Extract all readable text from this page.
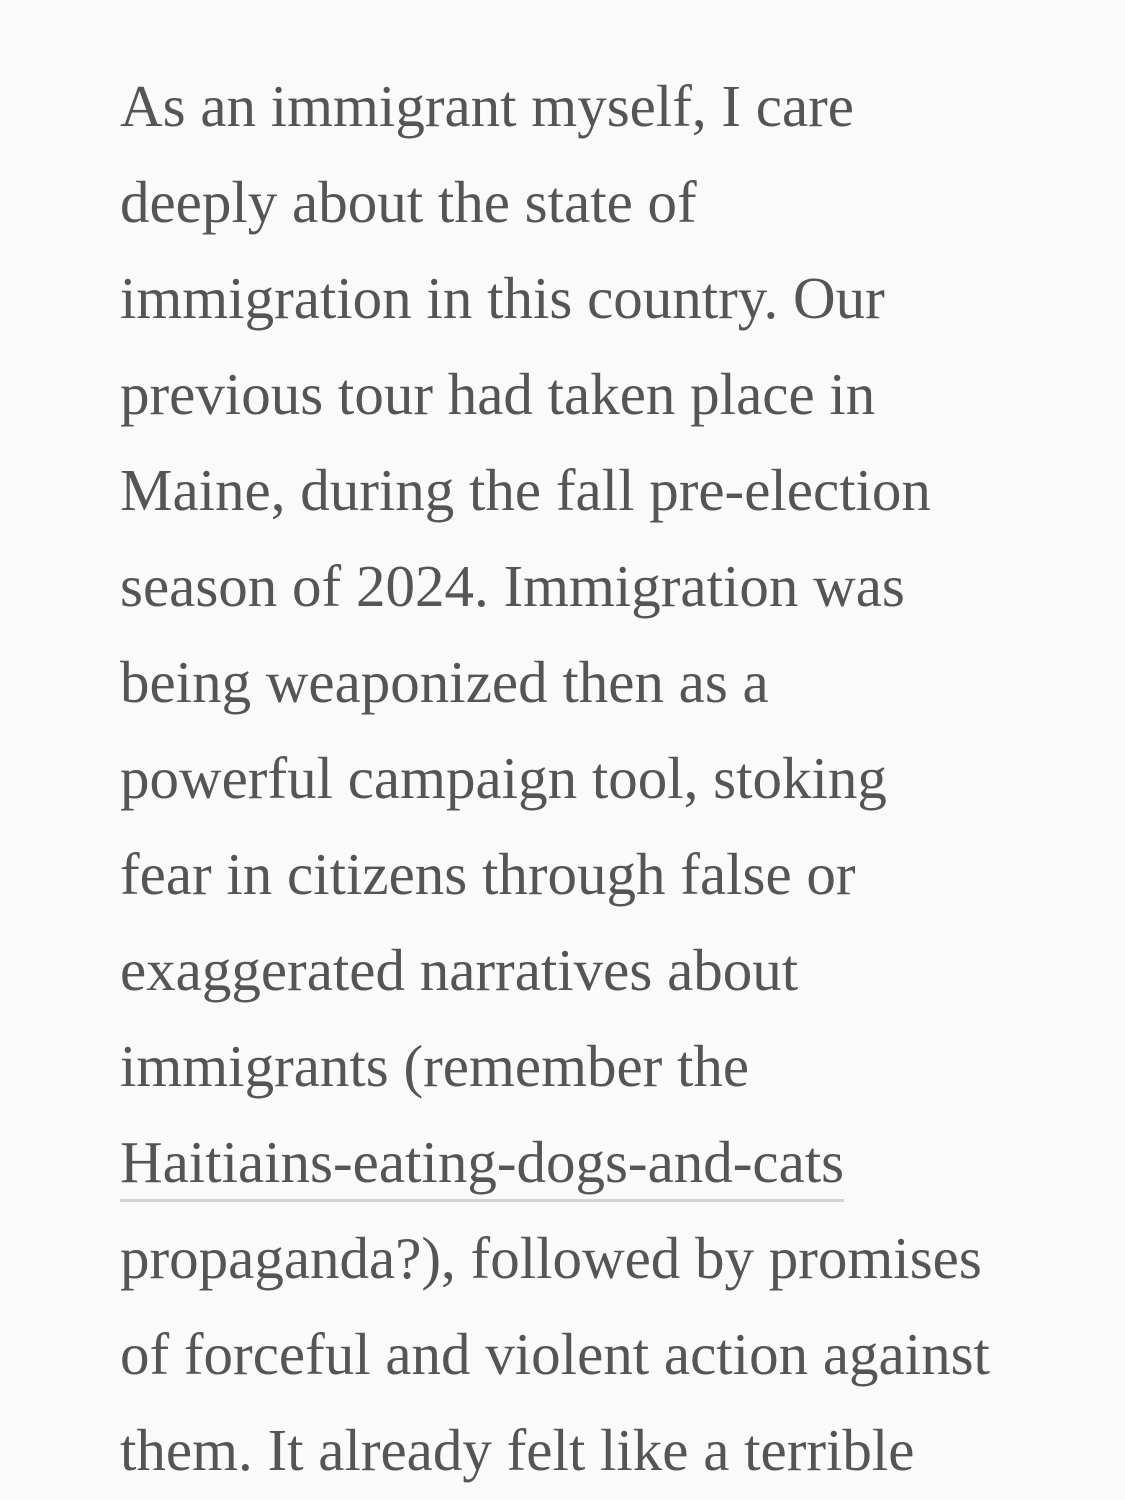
As an immigrant myself, I care
deeply about the state of
immigration in this country. Our
previous tour had taken place in
Maine, during the fall pre-election
season of 2024. Immigration was
being weaponized then as a
powerful campaign tool, stoking
fear in citizens through false or
exaggerated narratives about
immigrants (remember the
Haitiains-eating-dogs-and-cats
propaganda?), followed by promises
of forceful and violent action against
them. It already felt like a terrible
